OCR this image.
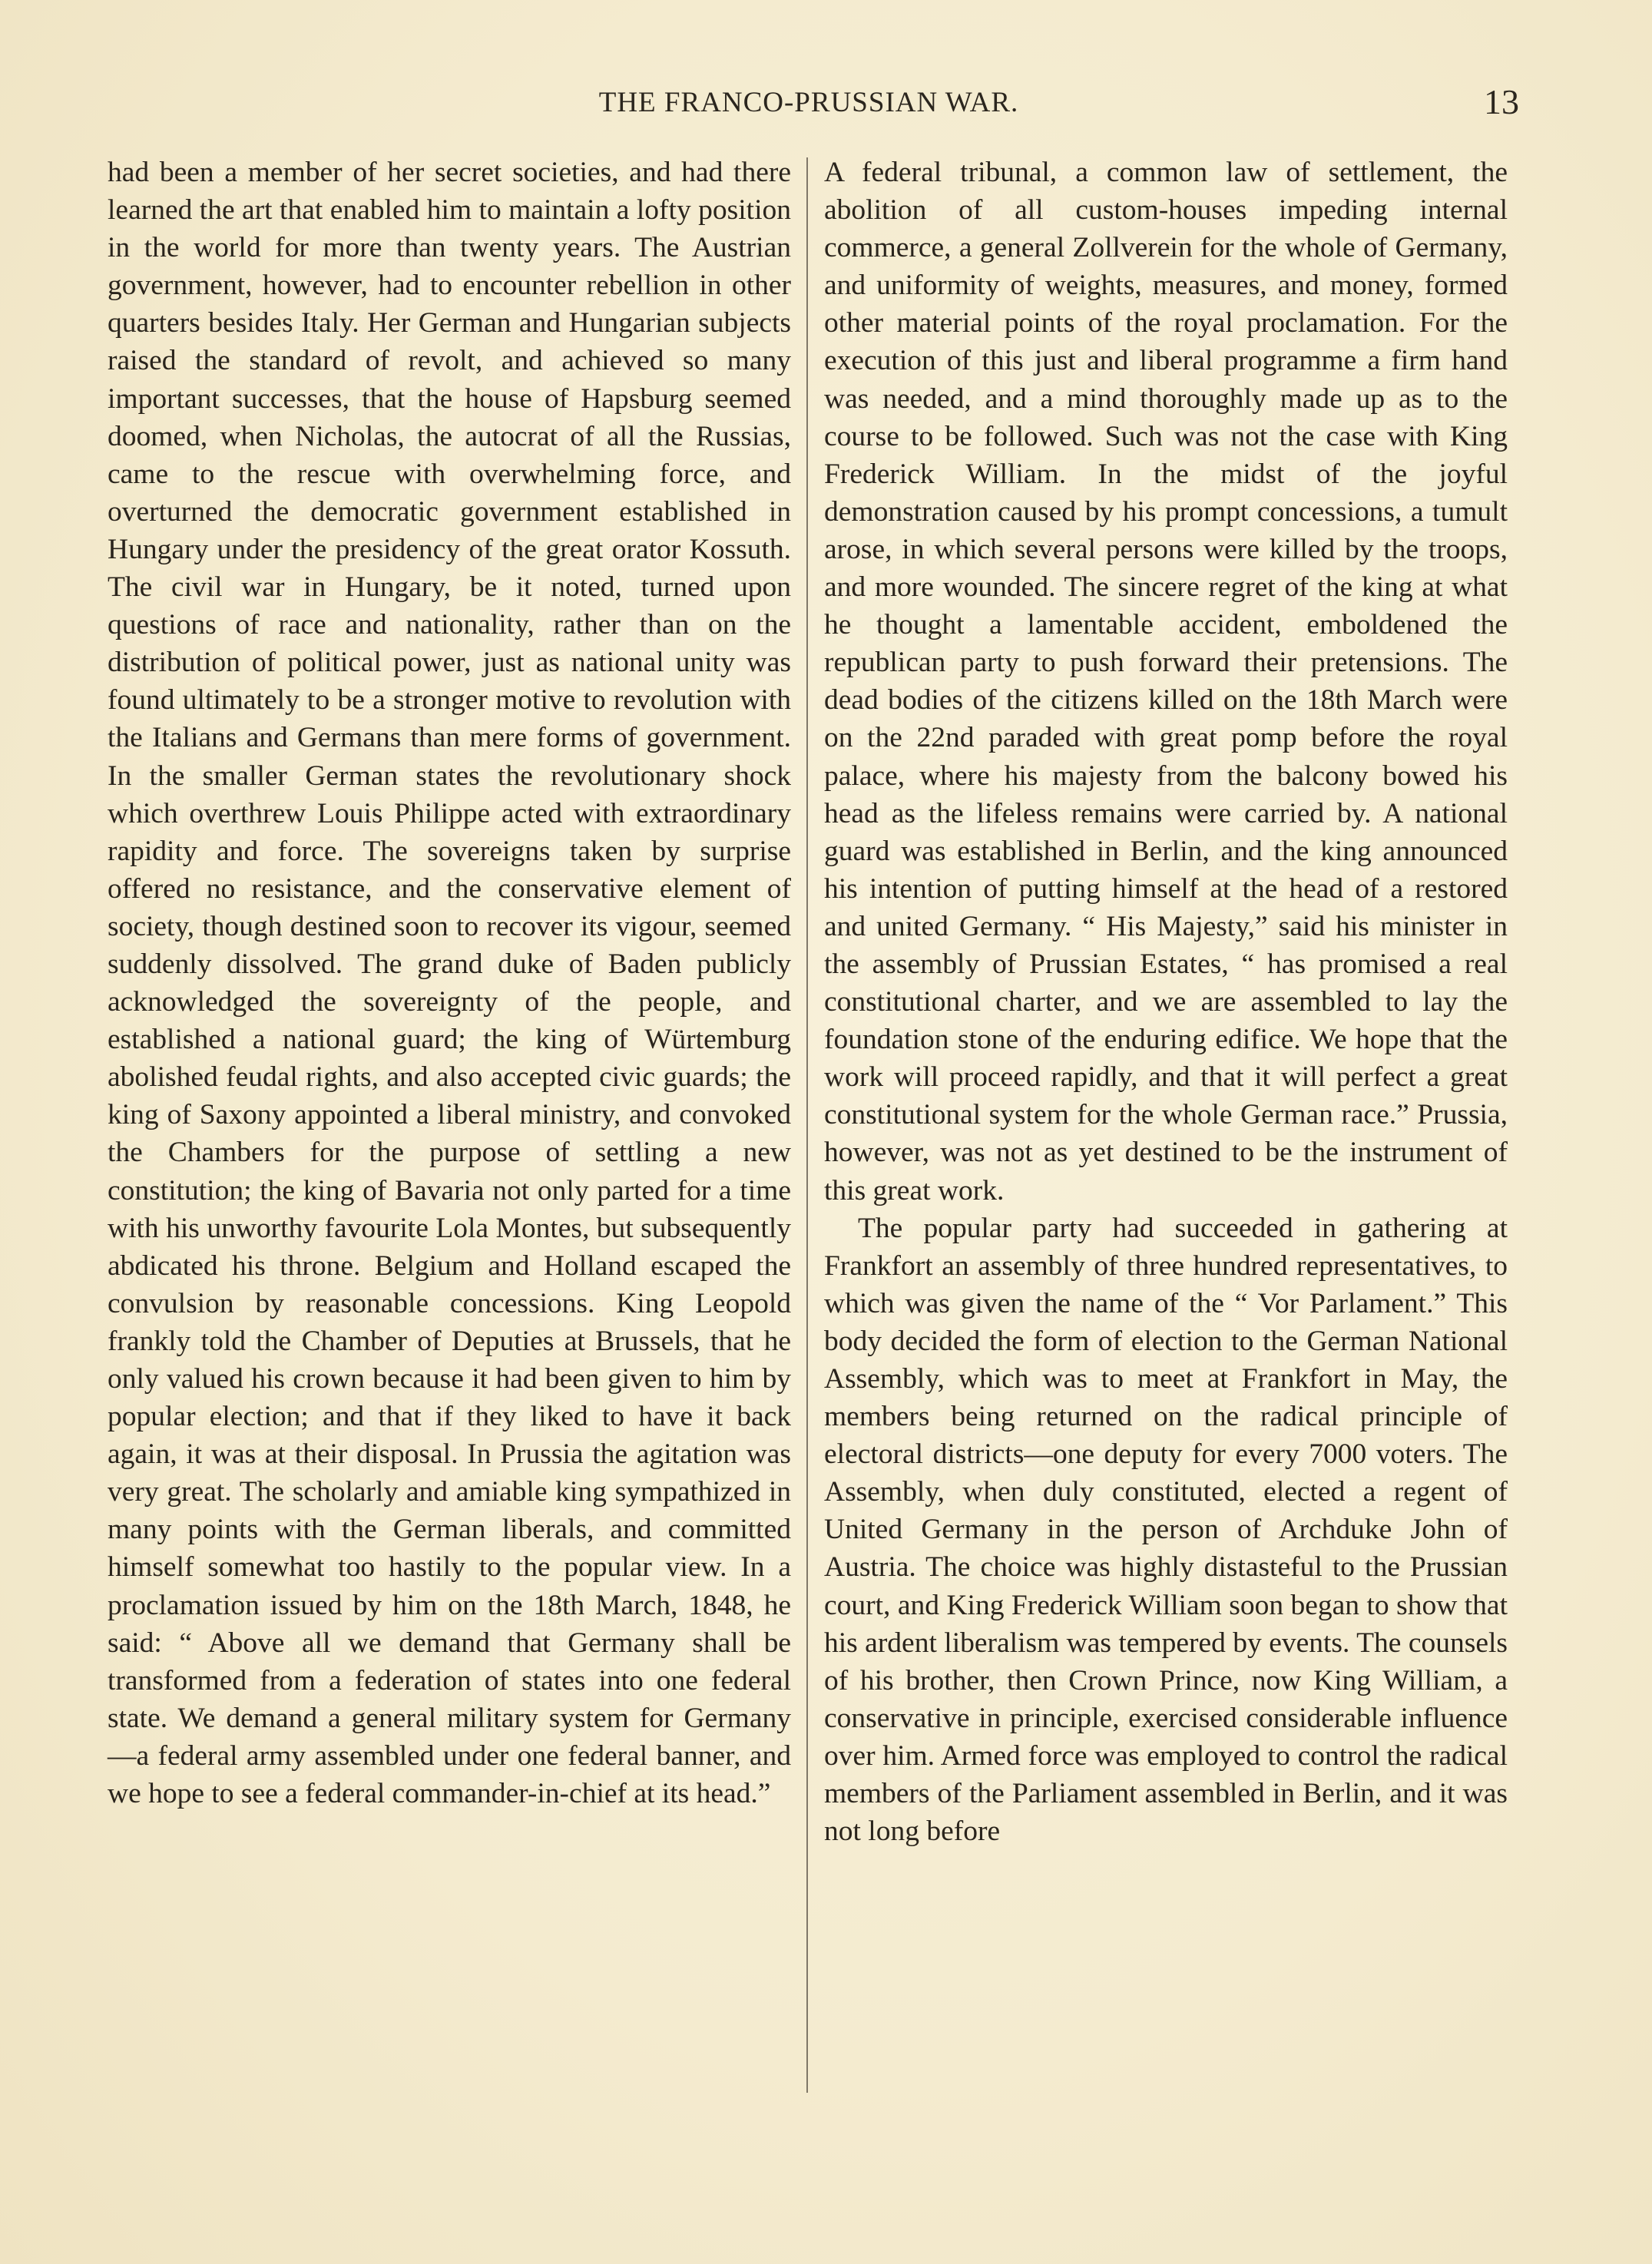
THE FRANCO-PRUSSIAN WAR.	13

had been a member of her secret societies, and had there learned the art that enabled him to maintain a lofty position in the world for more than twenty years. The Austrian government, however, had to encounter rebellion in other quarters besides Italy. Her German and Hungarian subjects raised the standard of revolt, and achieved so many important successes, that the house of Hapsburg seemed doomed, when Nicholas, the autocrat of all the Russias, came to the rescue with overwhelming force, and overturned the democratic government established in Hungary under the presidency of the great orator Kossuth. The civil war in Hungary, be it noted, turned upon questions of race and nationality, rather than on the distribution of political power, just as national unity was found ultimately to be a stronger motive to revolution with the Italians and Germans than mere forms of government. In the smaller German states the revolutionary shock which overthrew Louis Philippe acted with extraordinary rapidity and force. The sovereigns taken by surprise offered no resistance, and the conservative element of society, though destined soon to recover its vigour, seemed suddenly dissolved. The grand duke of Baden publicly acknowledged the sovereignty of the people, and established a national guard; the king of Würtemburg abolished feudal rights, and also accepted civic guards; the king of Saxony appointed a liberal ministry, and convoked the Chambers for the purpose of settling a new constitution; the king of Bavaria not only parted for a time with his unworthy favourite Lola Montes, but subsequently abdicated his throne. Belgium and Holland escaped the convulsion by reasonable concessions. King Leopold frankly told the Chamber of Deputies at Brussels, that he only valued his crown because it had been given to him by popular election; and that if they liked to have it back again, it was at their disposal. In Prussia the agitation was very great. The scholarly and amiable king sympathized in many points with the German liberals, and committed himself somewhat too hastily to the popular view. In a proclamation issued by him on the 18th March, 1848, he said: “ Above all we demand that Germany shall be transformed from a federation of states into one federal state. We demand a general military system for Germany—a federal army assembled under one federal banner, and we hope to see a federal commander-in-chief at its head.”

A federal tribunal, a common law of settlement, the abolition of all custom-houses impeding internal commerce, a general Zollverein for the whole of Germany, and uniformity of weights, measures, and money, formed other material points of the royal proclamation. For the execution of this just and liberal programme a firm hand was needed, and a mind thoroughly made up as to the course to be followed. Such was not the case with King Frederick William. In the midst of the joyful demonstration caused by his prompt concessions, a tumult arose, in which several persons were killed by the troops, and more wounded. The sincere regret of the king at what he thought a lamentable accident, emboldened the republican party to push forward their pretensions. The dead bodies of the citizens killed on the 18th March were on the 22nd paraded with great pomp before the royal palace, where his majesty from the balcony bowed his head as the lifeless remains were carried by. A national guard was established in Berlin, and the king announced his intention of putting himself at the head of a restored and united Germany. “ His Majesty,” said his minister in the assembly of Prussian Estates, “ has promised a real constitutional charter, and we are assembled to lay the foundation stone of the enduring edifice. We hope that the work will proceed rapidly, and that it will perfect a great constitutional system for the whole German race.” Prussia, however, was not as yet destined to be the instrument of this great work.

The popular party had succeeded in gathering at Frankfort an assembly of three hundred representatives, to which was given the name of the “ Vor Parlament.” This body decided the form of election to the German National Assembly, which was to meet at Frankfort in May, the members being returned on the radical principle of electoral districts—one deputy for every 7000 voters. The Assembly, when duly constituted, elected a regent of United Germany in the person of Archduke John of Austria. The choice was highly distasteful to the Prussian court, and King Frederick William soon began to show that his ardent liberalism was tempered by events. The counsels of his brother, then Crown Prince, now King William, a conservative in principle, exercised considerable influence over him. Armed force was employed to control the radical members of the Parliament assembled in Berlin, and it was not long before
